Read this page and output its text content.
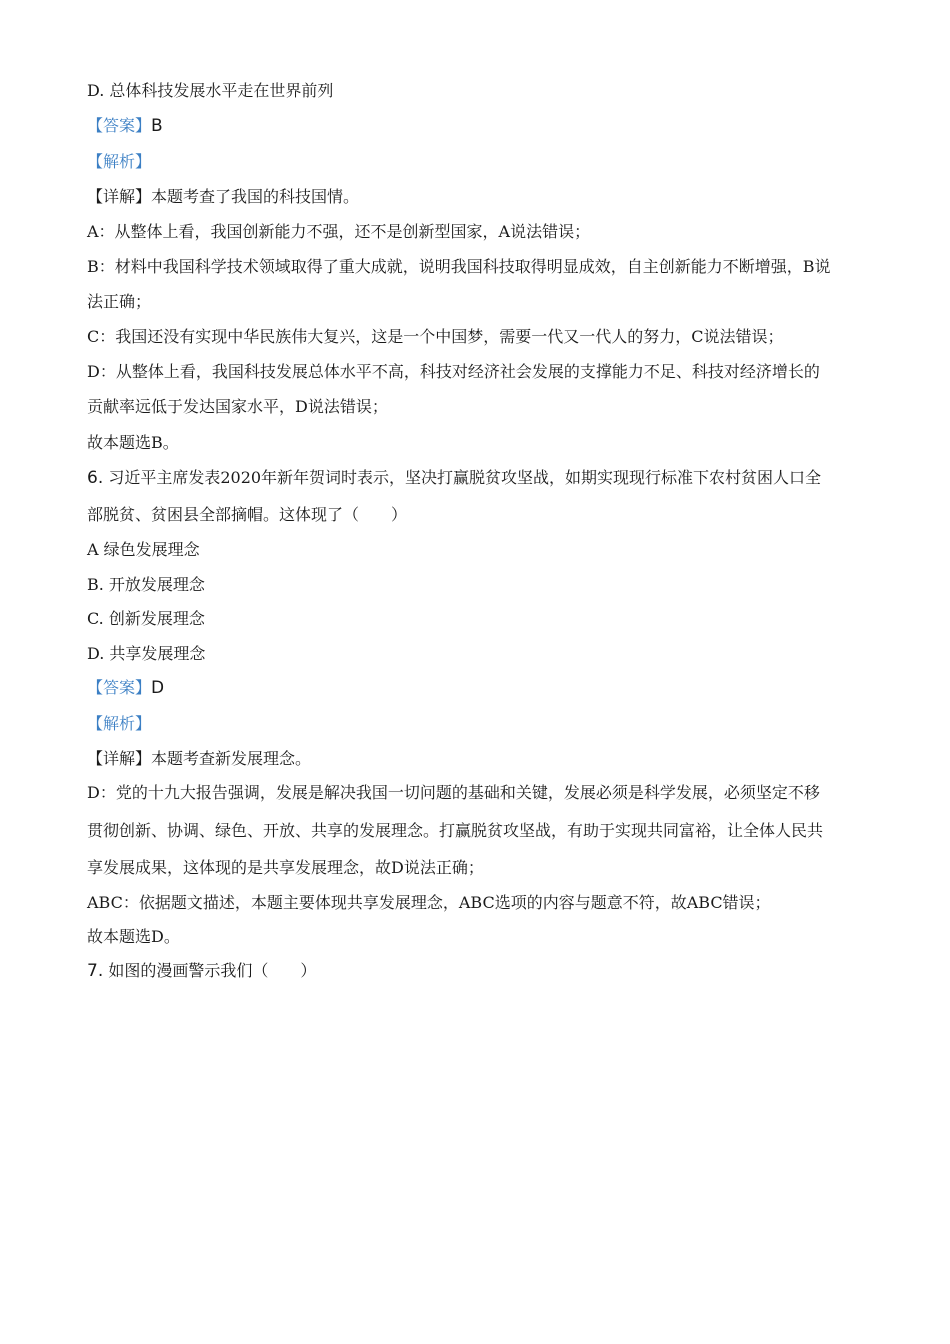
D. 总体科技发展水平走在世界前列
【答案】B
【解析】
【详解】本题考查了我国的科技国情。
A：从整体上看，我国创新能力不强，还不是创新型国家，A说法错误；
B：材料中我国科学技术领域取得了重大成就，说明我国科技取得明显成效，自主创新能力不断增强，B说
法正确；
C：我国还没有实现中华民族伟大复兴，这是一个中国梦，需要一代又一代人的努力，C说法错误；
D：从整体上看，我国科技发展总体水平不高，科技对经济社会发展的支撑能力不足、科技对经济增长的
贡献率远低于发达国家水平，D说法错误；
故本题选B。
6. 习近平主席发表2020年新年贺词时表示，坚决打赢脱贫攻坚战，如期实现现行标准下农村贫困人口全
部脱贫、贫困县全部摘帽。这体现了（　　）
A 绿色发展理念
B. 开放发展理念
C. 创新发展理念
D. 共享发展理念
【答案】D
【解析】
【详解】本题考查新发展理念。
D：党的十九大报告强调，发展是解决我国一切问题的基础和关键，发展必须是科学发展，必须坚定不移
贯彻创新、协调、绿色、开放、共享的发展理念。打赢脱贫攻坚战，有助于实现共同富裕，让全体人民共
享发展成果，这体现的是共享发展理念，故D说法正确；
ABC：依据题文描述，本题主要体现共享发展理念，ABC选项的内容与题意不符，故ABC错误；
故本题选D。
7. 如图的漫画警示我们（　　）
